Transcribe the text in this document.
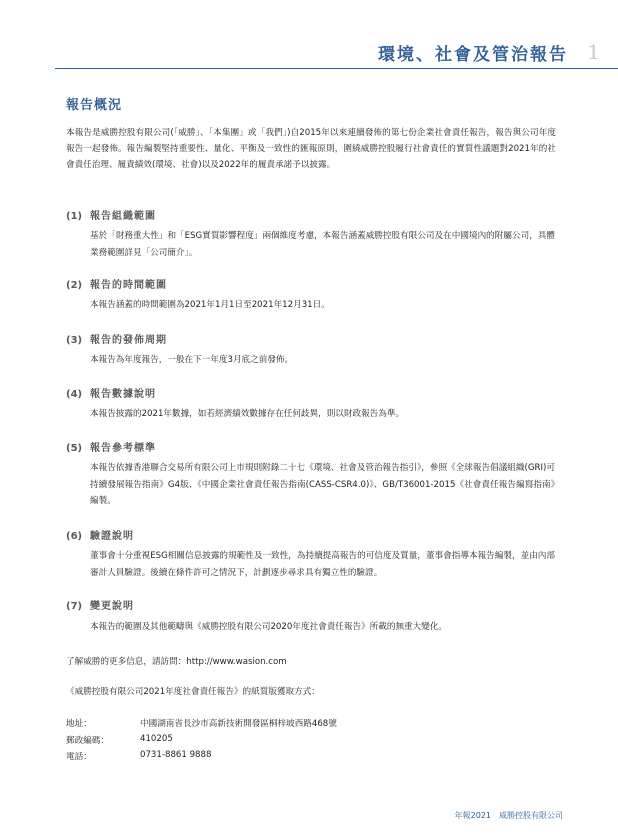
環境、社會及管治報告 1
報告概況
本報告是威勝控股有限公司(「威勝」、「本集團」或「我們」)自2015年以來連續發佈的第七份企業社會責任報告，報告與公司年度報告一起發佈。報告編製堅持重要性、量化、平衡及一致性的匯報原則，圍繞威勝控股履行社會責任的實質性議題對2021年的社會責任治理、履責績效(環境、社會)以及2022年的履責承諾予以披露。
(1) 報告組織範圍
基於「財務重大性」和「ESG實質影響程度」兩個維度考慮，本報告涵蓋威勝控股有限公司及在中國境內的附屬公司，具體業務範圍詳見「公司簡介」。
(2) 報告的時間範圍
本報告涵蓋的時間範圍為2021年1月1日至2021年12月31日。
(3) 報告的發佈周期
本報告為年度報告，一般在下一年度3月底之前發佈。
(4) 報告數據說明
本報告披露的2021年數據，如若經濟績效數據存在任何歧異，則以財政報告為準。
(5) 報告參考標準
本報告依據香港聯合交易所有限公司上市規則附錄二十七《環境、社會及管治報告指引》，參照《全球報告倡議組織(GRI)可持續發展報告指南》G4版、《中國企業社會責任報告指南(CASS-CSR4.0)》、GB/T36001-2015《社會責任報告編寫指南》編製。
(6) 驗證說明
董事會十分重視ESG相關信息披露的規範性及一致性，為持續提高報告的可信度及質量，董事會指導本報告編製，並由內部審計人員驗證。後續在條件許可之情況下，計劃逐步尋求具有獨立性的驗證。
(7) 變更說明
本報告的範圍及其他範疇與《威勝控股有限公司2020年度社會責任報告》所載的無重大變化。
了解威勝的更多信息，請訪問：http://www.wasion.com
《威勝控股有限公司2021年度社會責任報告》的紙質版獲取方式：
地址：	中國湖南省長沙市高新技術開發區桐梓坡西路468號
郵政編碼：	410205
電話：	0731-8861 9888
年報2021　威勝控股有限公司
